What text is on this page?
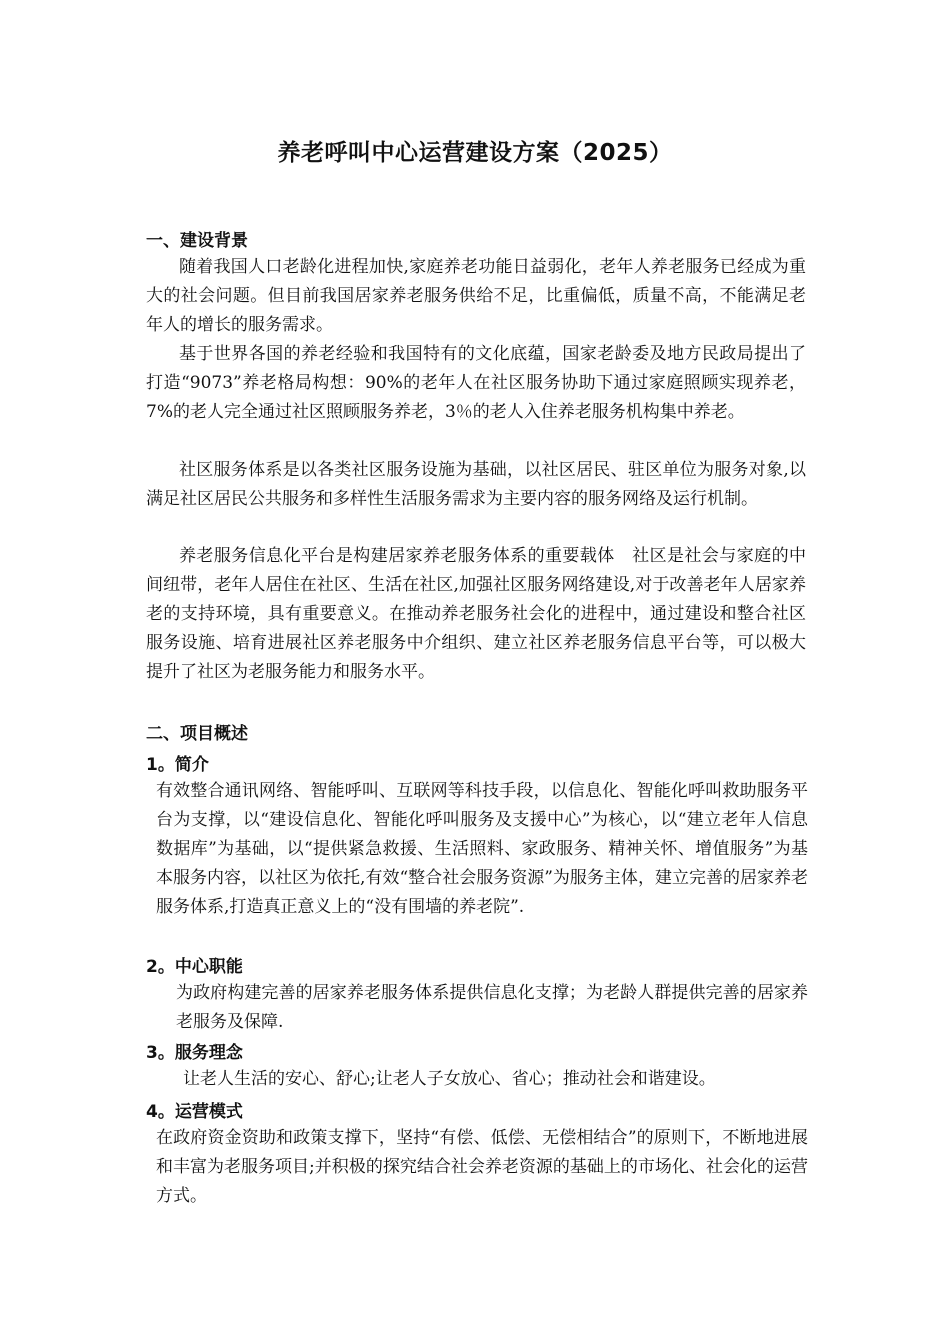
养老呼叫中心运营建设方案（2025）
一、建设背景

随着我国人口老龄化进程加快,家庭养老功能日益弱化，老年人养老服务已经成为重大的社会问题。但目前我国居家养老服务供给不足，比重偏低，质量不高，不能满足老年人的增长的服务需求。

基于世界各国的养老经验和我国特有的文化底蕴，国家老龄委及地方民政局提出了打造“9073”养老格局构想：90%的老年人在社区服务协助下通过家庭照顾实现养老，7%的老人完全通过社区照顾服务养老，3％的老人入住养老服务机构集中养老。

社区服务体系是以各类社区服务设施为基础，以社区居民、驻区单位为服务对象,以满足社区居民公共服务和多样性生活服务需求为主要内容的服务网络及运行机制。

养老服务信息化平台是构建居家养老服务体系的重要载体　社区是社会与家庭的中间纽带，老年人居住在社区、生活在社区,加强社区服务网络建设,对于改善老年人居家养老的支持环境，具有重要意义。在推动养老服务社会化的进程中，通过建设和整合社区服务设施、培育进展社区养老服务中介组织、建立社区养老服务信息平台等，可以极大提升了社区为老服务能力和服务水平。

二、项目概述
1。简介

有效整合通讯网络、智能呼叫、互联网等科技手段，以信息化、智能化呼叫救助服务平台为支撑，以“建设信息化、智能化呼叫服务及支援中心”为核心，以“建立老年人信息数据库”为基础，以“提供紧急救援、生活照料、家政服务、精神关怀、增值服务”为基本服务内容，以社区为依托,有效“整合社会服务资源”为服务主体，建立完善的居家养老服务体系,打造真正意义上的“没有围墙的养老院”.

2。中心职能

为政府构建完善的居家养老服务体系提供信息化支撑；为老龄人群提供完善的居家养老服务及保障.

3。服务理念

让老人生活的安心、舒心;让老人子女放心、省心；推动社会和谐建设。

4。运营模式

在政府资金资助和政策支撑下，坚持“有偿、低偿、无偿相结合”的原则下，不断地进展和丰富为老服务项目;并积极的探究结合社会养老资源的基础上的市场化、社会化的运营方式。
